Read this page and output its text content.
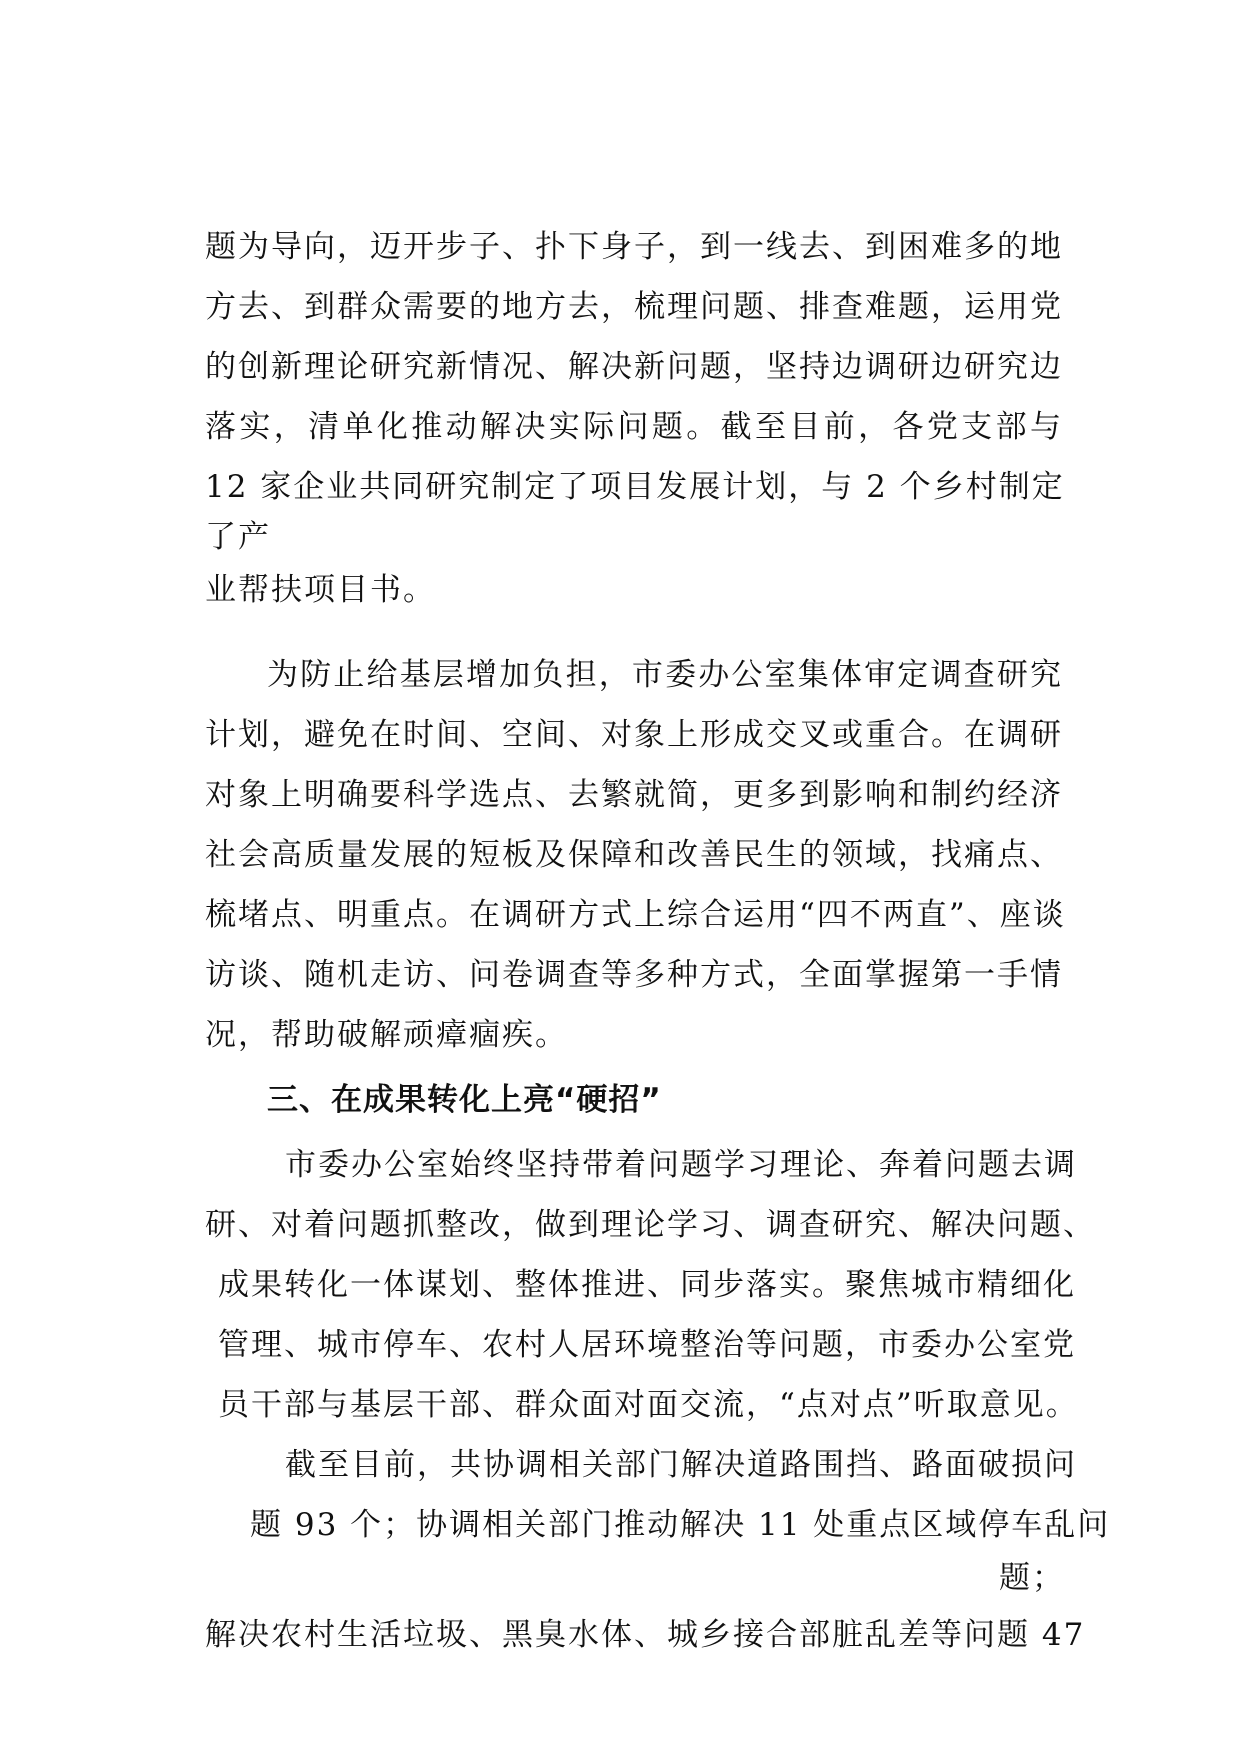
题为导向，迈开步子、扑下身子，到一线去、到困难多的地
方去、到群众需要的地方去，梳理问题、排查难题，运用党
的创新理论研究新情况、解决新问题，坚持边调研边研究边
落实，清单化推动解决实际问题。截至目前，各党支部与
12 家企业共同研究制定了项目发展计划，与 2 个乡村制定
了产
业帮扶项目书。
为防止给基层增加负担，市委办公室集体审定调查研究
计划，避免在时间、空间、对象上形成交叉或重合。在调研
对象上明确要科学选点、去繁就简，更多到影响和制约经济
社会高质量发展的短板及保障和改善民生的领域，找痛点、
梳堵点、明重点。在调研方式上综合运用“四不两直”、座谈
访谈、随机走访、问卷调查等多种方式，全面掌握第一手情
况，帮助破解顽瘴痼疾。
三、在成果转化上亮“硬招”
市委办公室始终坚持带着问题学习理论、奔着问题去调
研、对着问题抓整改，做到理论学习、调查研究、解决问题、
成果转化一体谋划、整体推进、同步落实。聚焦城市精细化
管理、城市停车、农村人居环境整治等问题，市委办公室党
员干部与基层干部、群众面对面交流，“点对点”听取意见。
截至目前，共协调相关部门解决道路围挡、路面破损问
题 93 个；协调相关部门推动解决 11 处重点区域停车乱问
题；
解决农村生活垃圾、黑臭水体、城乡接合部脏乱差等问题 47
